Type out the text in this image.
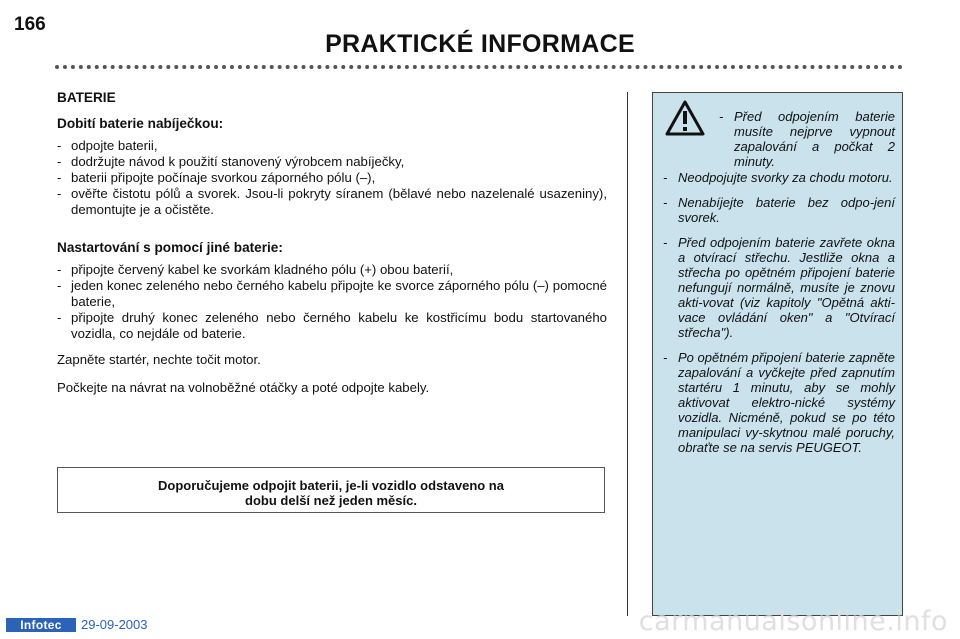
166
PRAKTICKÉ INFORMACE

BATERIE

Dobití baterie nabíječkou:

- odpojte baterii,
- dodržujte návod k použití stanovený výrobcem nabíječky,
- baterii připojte počínaje svorkou záporného pólu (–),
- ověřte čistotu pólů a svorek. Jsou-li pokryty síranem (bělavé nebo nazelenalé usazeniny), demontujte je a očistěte.

Nastartování s pomocí jiné baterie:

- připojte červený kabel ke svorkám kladného pólu (+) obou baterií,
- jeden konec zeleného nebo černého kabelu připojte ke svorce záporného pólu (–) pomocné baterie,
- připojte druhý konec zeleného nebo černého kabelu ke kostřicímu bodu startovaného vozidla, co nejdále od baterie.

Zapněte startér, nechte točit motor.

Počkejte na návrat na volnoběžné otáčky a poté odpojte kabely.

Doporučujeme odpojit baterii, je-li vozidlo odstaveno na
dobu delší než jeden měsíc.
- Před odpojením baterie musíte nejprve vypnout zapalování a počkat 2 minuty.
- Neodpojujte svorky za chodu motoru.
- Nenabíjejte baterie bez odpo-jení svorek.
- Před odpojením baterie zavřete okna a otvírací střechu. Jestliže okna a střecha po opětném připojení baterie nefungují normálně, musíte je znovu akti-vovat (viz kapitoly "Opětná akti-vace ovládání oken" a "Otvírací střecha").
- Po opětném připojení baterie zapněte zapalování a vyčkejte před zapnutím startéru 1 minutu, aby se mohly aktivovat elektro-nické systémy vozidla. Nicméně, pokud se po této manipulaci vy-skytnou malé poruchy, obraťte se na servis PEUGEOT.
Infotec	29-09-2003	carmanualsonline.info
